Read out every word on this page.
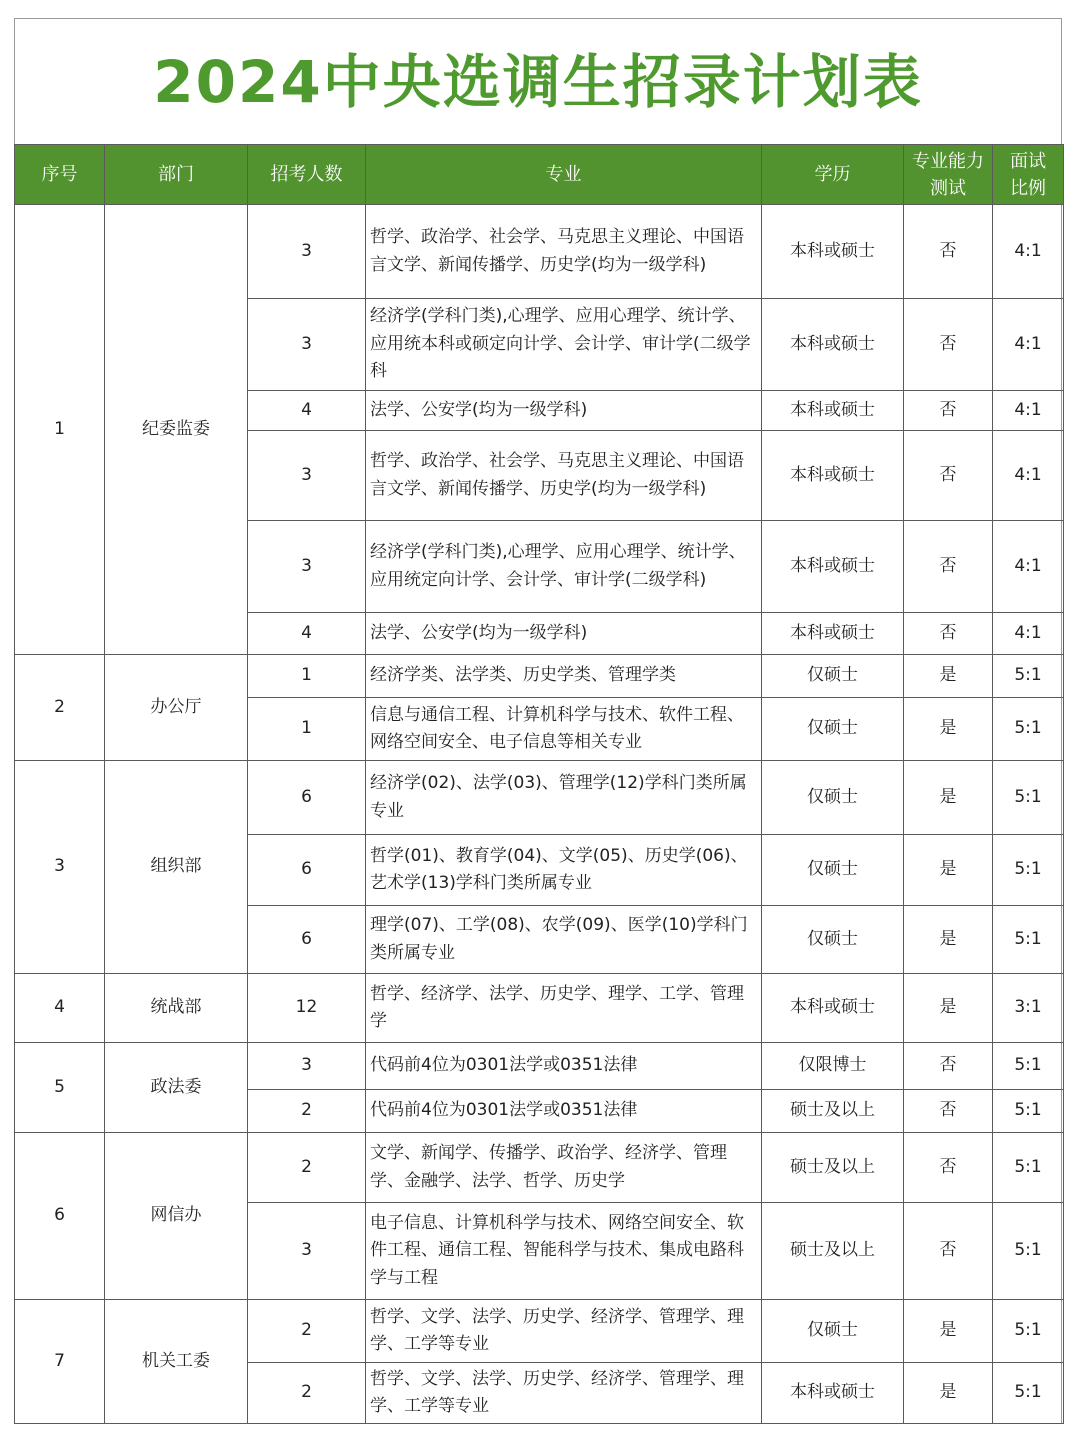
2024中央选调生招录计划表
序号	部门	招考人数	专业	学历	专业能力测试	面试比例
1	纪委监委	3	哲学、政治学、社会学、马克思主义理论、中国语言文学、新闻传播学、历史学(均为一级学科)	本科或硕士	否	4:1
		3	经济学(学科门类),心理学、应用心理学、统计学、应用统本科或硕定向计学、会计学、审计学(二级学科	本科或硕士	否	4:1
		4	法学、公安学(均为一级学科)	本科或硕士	否	4:1
		3	哲学、政治学、社会学、马克思主义理论、中国语言文学、新闻传播学、历史学(均为一级学科)	本科或硕士	否	4:1
		3	经济学(学科门类),心理学、应用心理学、统计学、应用统定向计学、会计学、审计学(二级学科)	本科或硕士	否	4:1
		4	法学、公安学(均为一级学科)	本科或硕士	否	4:1
2	办公厅	1	经济学类、法学类、历史学类、管理学类	仅硕士	是	5:1
		1	信息与通信工程、计算机科学与技术、软件工程、网络空间安全、电子信息等相关专业	仅硕士	是	5:1
3	组织部	6	经济学(02)、法学(03)、管理学(12)学科门类所属专业	仅硕士	是	5:1
		6	哲学(01)、教育学(04)、文学(05)、历史学(06)、艺术学(13)学科门类所属专业	仅硕士	是	5:1
		6	理学(07)、工学(08)、农学(09)、医学(10)学科门类所属专业	仅硕士	是	5:1
4	统战部	12	哲学、经济学、法学、历史学、理学、工学、管理学	本科或硕士	是	3:1
5	政法委	3	代码前4位为0301法学或0351法律	仅限博士	否	5:1
		2	代码前4位为0301法学或0351法律	硕士及以上	否	5:1
6	网信办	2	文学、新闻学、传播学、政治学、经济学、管理学、金融学、法学、哲学、历史学	硕士及以上	否	5:1
		3	电子信息、计算机科学与技术、网络空间安全、软件工程、通信工程、智能科学与技术、集成电路科学与工程	硕士及以上	否	5:1
7	机关工委	2	哲学、文学、法学、历史学、经济学、管理学、理学、工学等专业	仅硕士	是	5:1
		2	哲学、文学、法学、历史学、经济学、管理学、理学、工学等专业	本科或硕士	是	5:1
